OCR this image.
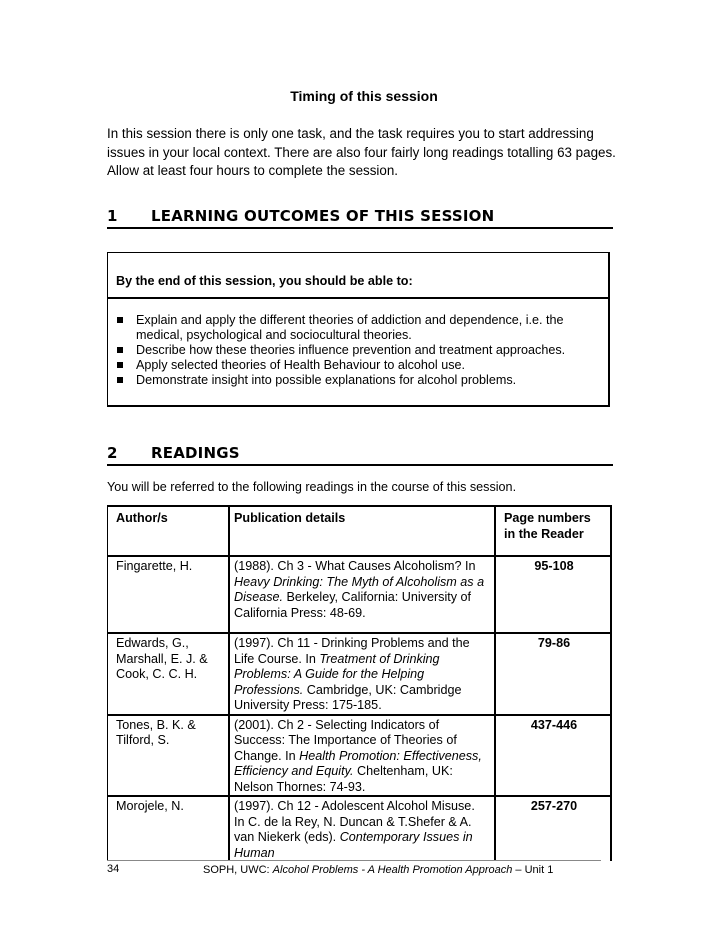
Timing of this session
In this session there is only one task, and the task requires you to start addressing issues in your local context. There are also four fairly long readings totalling 63 pages. Allow at least four hours to complete the session.
1 LEARNING OUTCOMES OF THIS SESSION
By the end of this session, you should be able to:
Explain and apply the different theories of addiction and dependence, i.e. the medical, psychological and sociocultural theories.
Describe how these theories influence prevention and treatment approaches.
Apply selected theories of Health Behaviour to alcohol use.
Demonstrate insight into possible explanations for alcohol problems.
2 READINGS
You will be referred to the following readings in the course of this session.
Author/s	Publication details	Page numbers in the Reader
Fingarette, H.	(1988). Ch 3 - What Causes Alcoholism? In Heavy Drinking: The Myth of Alcoholism as a Disease. Berkeley, California: University of California Press: 48-69.	95-108
Edwards, G., Marshall, E. J. & Cook, C. C. H.	(1997). Ch 11 - Drinking Problems and the Life Course. In Treatment of Drinking Problems: A Guide for the Helping Professions. Cambridge, UK: Cambridge University Press: 175-185.	79-86
Tones, B. K. & Tilford, S.	(2001). Ch 2 - Selecting Indicators of Success: The Importance of Theories of Change. In Health Promotion: Effectiveness, Efficiency and Equity. Cheltenham, UK: Nelson Thornes: 74-93.	437-446
Morojele, N.	(1997). Ch 12 - Adolescent Alcohol Misuse. In C. de la Rey, N. Duncan & T.Shefer & A. van Niekerk (eds). Contemporary Issues in Human	257-270
34	SOPH, UWC: Alcohol Problems - A Health Promotion Approach – Unit 1
